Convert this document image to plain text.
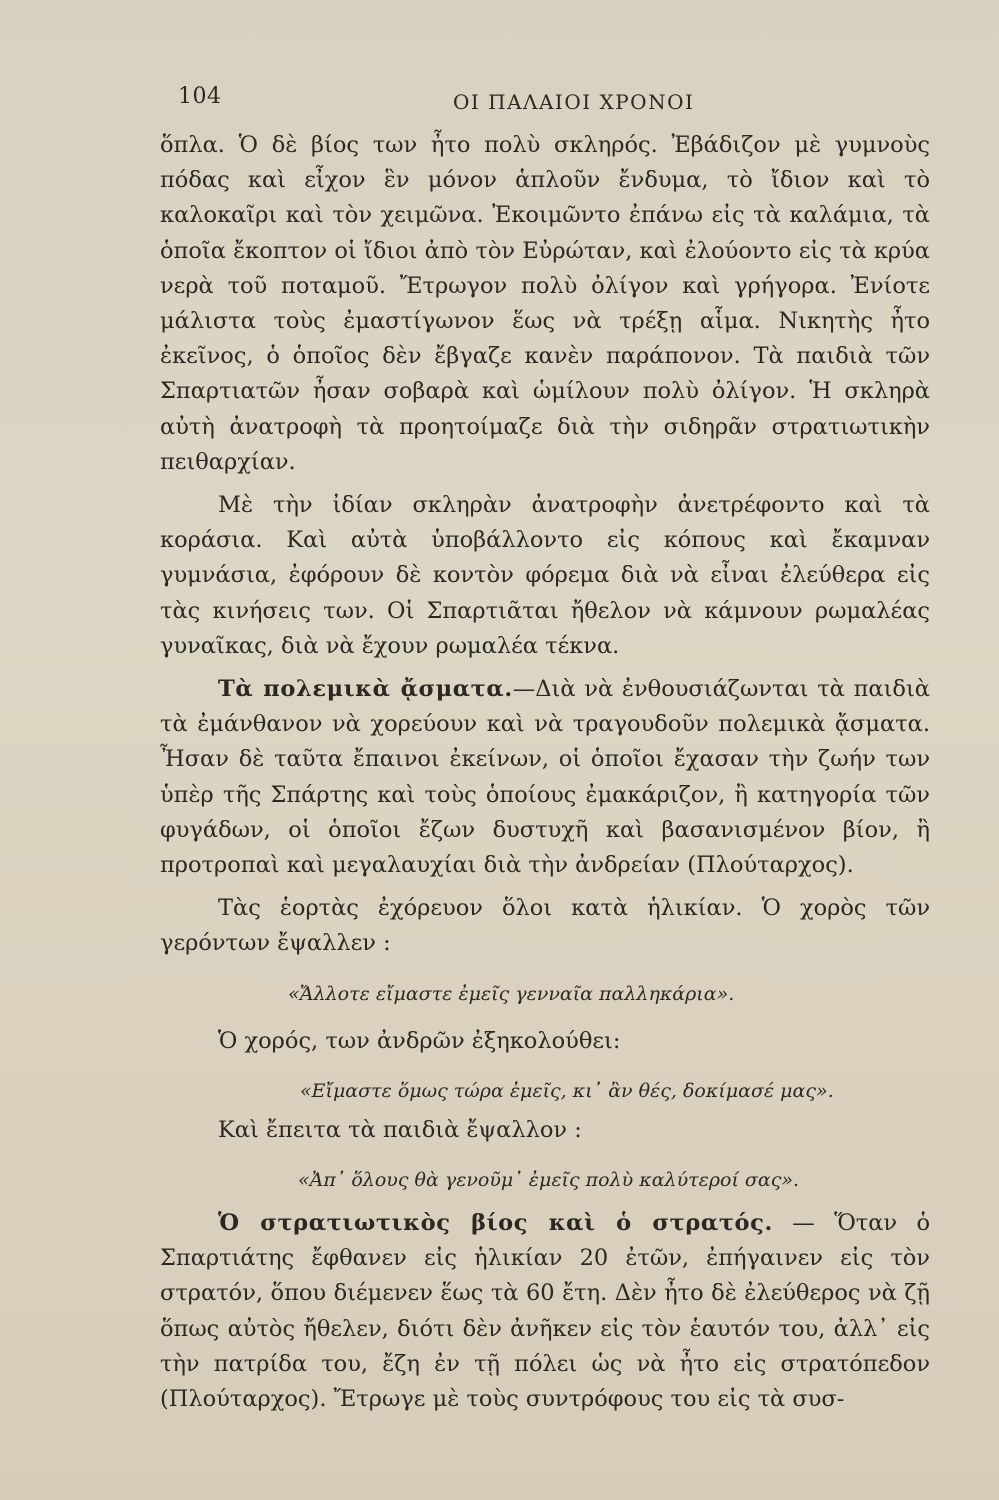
104	ΟΙ ΠΑΛΑΙΟΙ ΧΡΟΝΟΙ

ὅπλα. Ὁ δὲ βίος των ἦτο πολὺ σκληρός. Ἐβάδιζον μὲ γυμνοὺς πόδας καὶ εἶχον ἓν μόνον ἁπλοῦν ἔνδυμα, τὸ ἴδιον καὶ τὸ καλοκαῖρι καὶ τὸν χειμῶνα. Ἐκοιμῶντο ἐπάνω εἰς τὰ καλάμια, τὰ ὁποῖα ἔκοπτον οἱ ἴδιοι ἀπὸ τὸν Εὐρώταν, καὶ ἐλούοντο εἰς τὰ κρύα νερὰ τοῦ ποταμοῦ. Ἔτρωγον πολὺ ὀλίγον καὶ γρήγορα. Ἐνίοτε μάλιστα τοὺς ἐμαστίγωνον ἕως νὰ τρέξῃ αἷμα. Νικητὴς ἦτο ἐκεῖνος, ὁ ὁποῖος δὲν ἔβγαζε κανὲν παράπονον. Τὰ παιδιὰ τῶν Σπαρτιατῶν ἦσαν σοβαρὰ καὶ ὡμίλουν πολὺ ὀλίγον. Ἡ σκληρὰ αὐτὴ ἀνατροφὴ τὰ προητοίμαζε διὰ τὴν σιδηρᾶν στρατιωτικὴν πειθαρχίαν.

Μὲ τὴν ἰδίαν σκληρὰν ἀνατροφὴν ἀνετρέφοντο καὶ τὰ κοράσια. Καὶ αὐτὰ ὑποβάλλοντο εἰς κόπους καὶ ἔκαμναν γυμνάσια, ἐφόρουν δὲ κοντὸν φόρεμα διὰ νὰ εἶναι ἐλεύθερα εἰς τὰς κινήσεις των. Οἱ Σπαρτιᾶται ἤθελον νὰ κάμνουν ρωμαλέας γυναῖκας, διὰ νὰ ἔχουν ρωμαλέα τέκνα.

Τὰ πολεμικὰ ᾄσματα.—Διὰ νὰ ἐνθουσιάζωνται τὰ παιδιὰ τὰ ἐμάνθανον νὰ χορεύουν καὶ νὰ τραγουδοῦν πολεμικὰ ᾄσματα. Ἦσαν δὲ ταῦτα ἔπαινοι ἐκείνων, οἱ ὁποῖοι ἔχασαν τὴν ζωήν των ὑπὲρ τῆς Σπάρτης καὶ τοὺς ὁποίους ἐμακάριζον, ἢ κατηγορία τῶν φυγάδων, οἱ ὁποῖοι ἔζων δυστυχῆ καὶ βασανισμένον βίον, ἢ προτροπαὶ καὶ μεγαλαυχίαι διὰ τὴν ἀνδρείαν (Πλούταρχος).

Τὰς ἑορτὰς ἐχόρευον ὅλοι κατὰ ἡλικίαν. Ὁ χορὸς τῶν γερόντων ἔψαλλεν :

«Ἄλλοτε εἴμαστε ἐμεῖς γενναῖα παλληκάρια».

Ὁ χορός, των ἀνδρῶν ἐξηκολούθει:

«Εἴμαστε ὅμως τώρα ἐμεῖς, κι᾽ ἂν θές, δοκίμασέ μας».

Καὶ ἔπειτα τὰ παιδιὰ ἔψαλλον :

«Ἀπ᾽ ὅλους θὰ γενοῦμ᾽ ἐμεῖς πολὺ καλύτεροί σας».

Ὁ στρατιωτικὸς βίος καὶ ὁ στρατός. — Ὅταν ὁ Σπαρτιάτης ἔφθανεν εἰς ἡλικίαν 20 ἐτῶν, ἐπήγαινεν εἰς τὸν στρατόν, ὅπου διέμενεν ἕως τὰ 60 ἔτη. Δὲν ἦτο δὲ ἐλεύθερος νὰ ζῇ ὅπως αὐτὸς ἤθελεν, διότι δὲν ἀνῆκεν εἰς τὸν ἑαυτόν του, ἀλλ᾽ εἰς τὴν πατρίδα του, ἔζη ἐν τῇ πόλει ὡς νὰ ἦτο εἰς στρατόπεδον (Πλούταρχος). Ἔτρωγε μὲ τοὺς συντρόφους του εἰς τὰ συσ-
